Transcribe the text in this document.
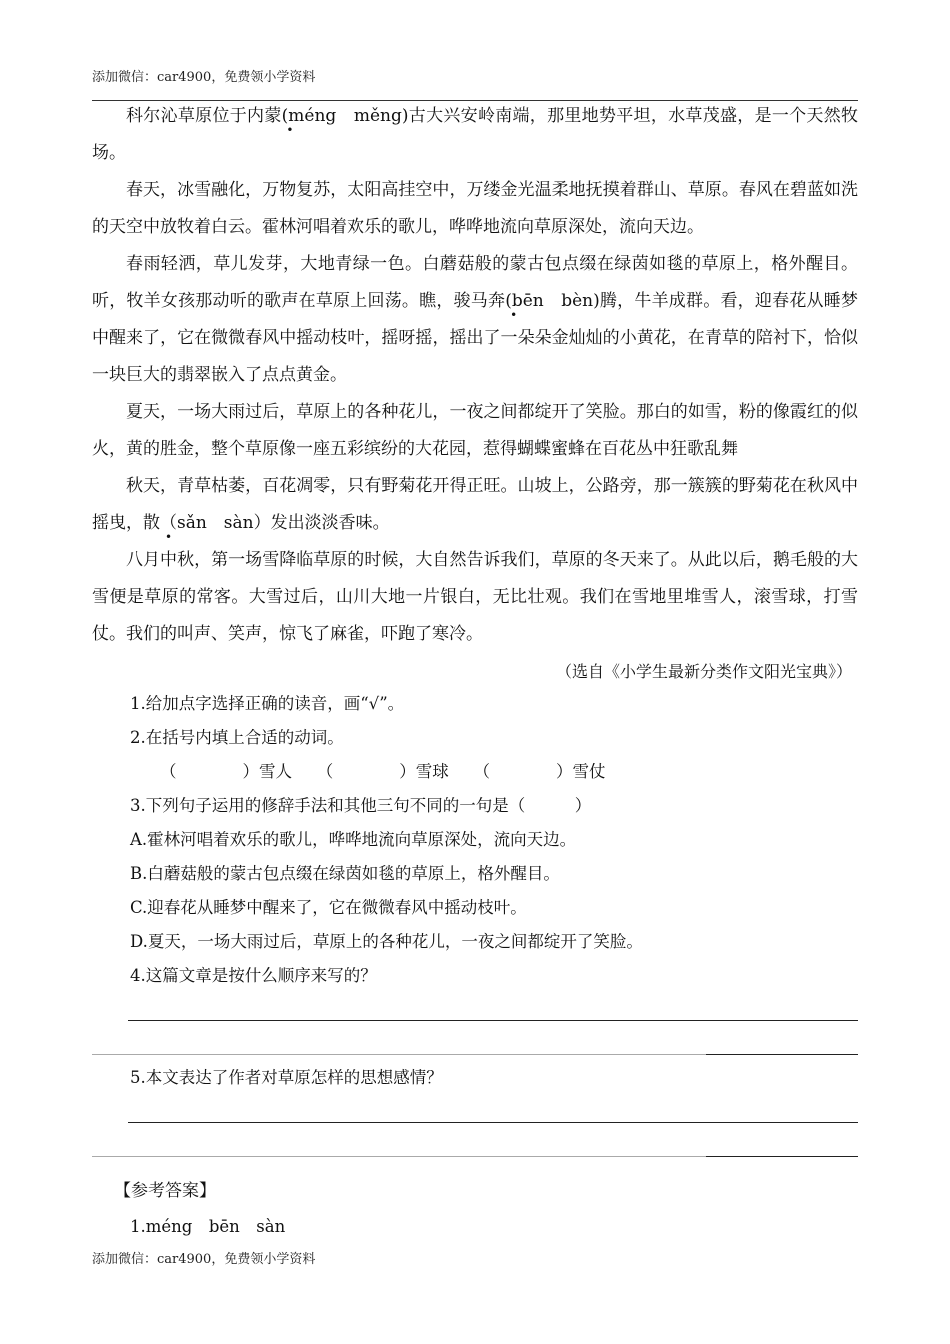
添加微信：car4900，免费领小学资料

科尔沁草原位于内蒙(méng　měng)古大兴安岭南端，那里地势平坦，水草茂盛，是一个天然牧场。

春天，冰雪融化，万物复苏，太阳高挂空中，万缕金光温柔地抚摸着群山、草原。春风在碧蓝如洗的天空中放牧着白云。霍林河唱着欢乐的歌儿，哗哗地流向草原深处，流向天边。

春雨轻洒，草儿发芽，大地青绿一色。白蘑菇般的蒙古包点缀在绿茵如毯的草原上，格外醒目。听，牧羊女孩那动听的歌声在草原上回荡。瞧，骏马奔(bēn　bèn)腾，牛羊成群。看，迎春花从睡梦中醒来了，它在微微春风中摇动枝叶，摇呀摇，摇出了一朵朵金灿灿的小黄花，在青草的陪衬下，恰似一块巨大的翡翠嵌入了点点黄金。

夏天，一场大雨过后，草原上的各种花儿，一夜之间都绽开了笑脸。那白的如雪，粉的像霞红的似火，黄的胜金，整个草原像一座五彩缤纷的大花园，惹得蝴蝶蜜蜂在百花丛中狂歌乱舞

秋天，青草枯萎，百花凋零，只有野菊花开得正旺。山坡上，公路旁，那一簇簇的野菊花在秋风中摇曳，散（sǎn　sàn）发出淡淡香味。

八月中秋，第一场雪降临草原的时候，大自然告诉我们，草原的冬天来了。从此以后，鹅毛般的大雪便是草原的常客。大雪过后，山川大地一片银白，无比壮观。我们在雪地里堆雪人，滚雪球，打雪仗。我们的叫声、笑声，惊飞了麻雀，吓跑了寒冷。

（选自《小学生最新分类作文阳光宝典》）

1.给加点字选择正确的读音，画“√”。

2.在括号内填上合适的动词。

（　　　　）雪人　　（　　　　）雪球　　（　　　　）雪仗

3.下列句子运用的修辞手法和其他三句不同的一句是（　　　）

A.霍林河唱着欢乐的歌儿，哗哗地流向草原深处，流向天边。

B.白蘑菇般的蒙古包点缀在绿茵如毯的草原上，格外醒目。

C.迎春花从睡梦中醒来了，它在微微春风中摇动枝叶。

D.夏天，一场大雨过后，草原上的各种花儿，一夜之间都绽开了笑脸。

4.这篇文章是按什么顺序来写的？

5.本文表达了作者对草原怎样的思想感情？

【参考答案】

1.méng　bēn　sàn

添加微信：car4900，免费领小学资料
